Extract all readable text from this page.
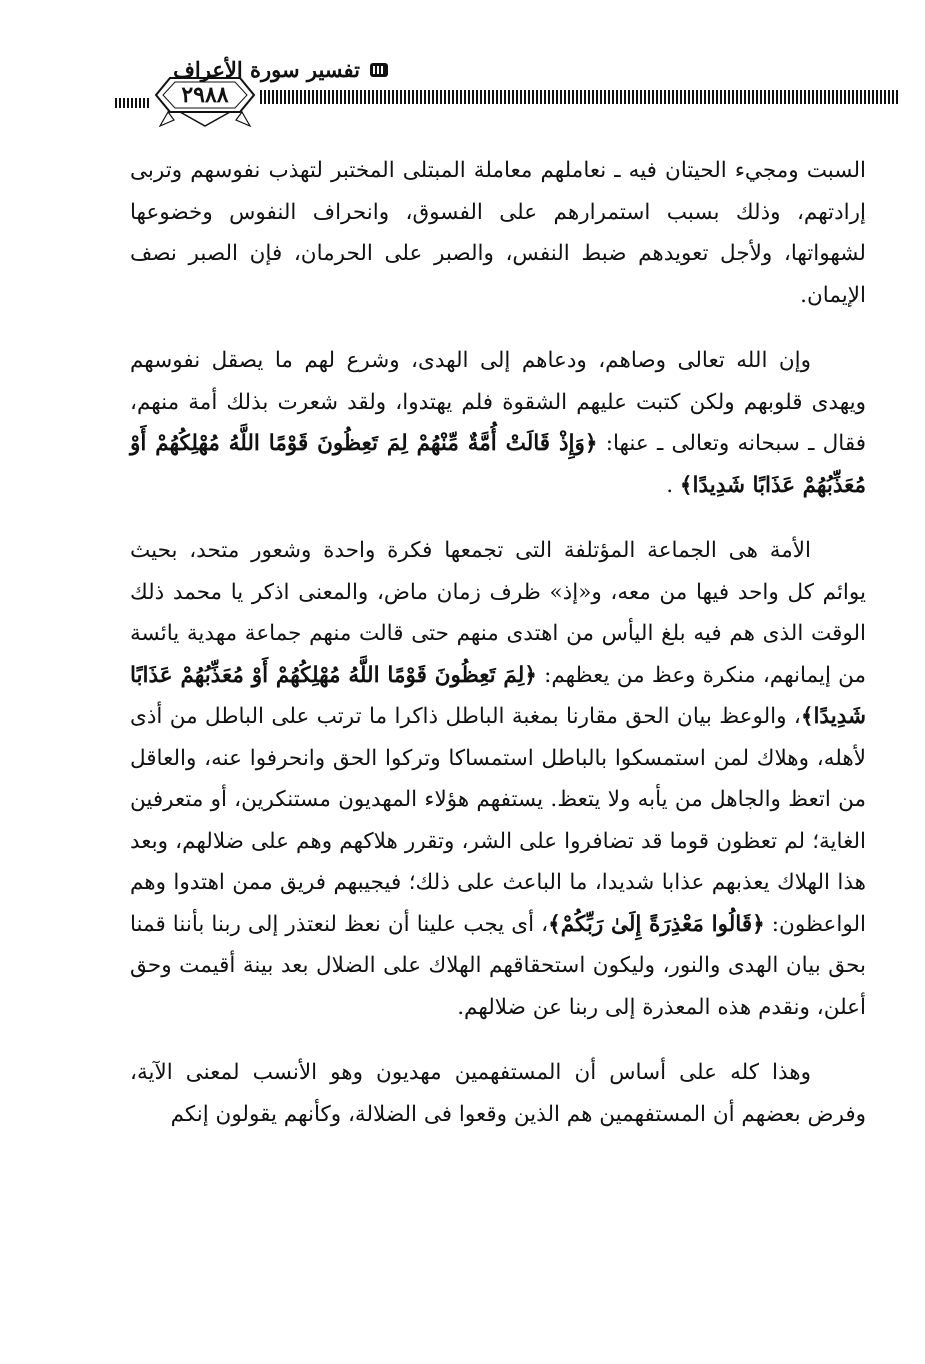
٢٩٨٨
تفسير سورة الأعراف

السبت ومجيء الحيتان فيه ـ نعاملهم معاملة المبتلى المختبر لتهذب نفوسهم وتربى إرادتهم، وذلك بسبب استمرارهم على الفسوق، وانحراف النفوس وخضوعها لشهواتها، ولأجل تعويدهم ضبط النفس، والصبر على الحرمان، فإن الصبر نصف الإيمان.

وإن الله تعالى وصاهم، ودعاهم إلى الهدى، وشرع لهم ما يصقل نفوسهم ويهدى قلوبهم ولكن كتبت عليهم الشقوة فلم يهتدوا، ولقد شعرت بذلك أمة منهم، فقال ـ سبحانه وتعالى ـ عنها: ﴿وَإِذْ قَالَتْ أُمَّةٌ مِّنْهُمْ لِمَ تَعِظُونَ قَوْمًا اللَّهُ مُهْلِكُهُمْ أَوْ مُعَذِّبُهُمْ عَذَابًا شَدِيدًا﴾ .

الأمة هى الجماعة المؤتلفة التى تجمعها فكرة واحدة وشعور متحد، بحيث يوائم كل واحد فيها من معه، و«إذ» ظرف زمان ماض، والمعنى اذكر يا محمد ذلك الوقت الذى هم فيه بلغ اليأس من اهتدى منهم حتى قالت منهم جماعة مهدية يائسة من إيمانهم، منكرة وعظ من يعظهم: ﴿لِمَ تَعِظُونَ قَوْمًا اللَّهُ مُهْلِكُهُمْ أَوْ مُعَذِّبُهُمْ عَذَابًا شَدِيدًا﴾، والوعظ بيان الحق مقارنا بمغبة الباطل ذاكرا ما ترتب على الباطل من أذى لأهله، وهلاك لمن استمسكوا بالباطل استمساكا وتركوا الحق وانحرفوا عنه، والعاقل من اتعظ والجاهل من يأبه ولا يتعظ. يستفهم هؤلاء المهديون مستنكرين، أو متعرفين الغاية؛ لم تعظون قوما قد تضافروا على الشر، وتقرر هلاكهم وهم على ضلالهم، وبعد هذا الهلاك يعذبهم عذابا شديدا، ما الباعث على ذلك؛ فيجيبهم فريق ممن اهتدوا وهم الواعظون: ﴿قَالُوا مَعْذِرَةً إِلَىٰ رَبِّكُمْ﴾، أى يجب علينا أن نعظ لنعتذر إلى ربنا بأننا قمنا بحق بيان الهدى والنور، وليكون استحقاقهم الهلاك على الضلال بعد بينة أقيمت وحق أعلن، ونقدم هذه المعذرة إلى ربنا عن ضلالهم.

وهذا كله على أساس أن المستفهمين مهديون وهو الأنسب لمعنى الآية، وفرض بعضهم أن المستفهمين هم الذين وقعوا فى الضلالة، وكأنهم يقولون إنكم
